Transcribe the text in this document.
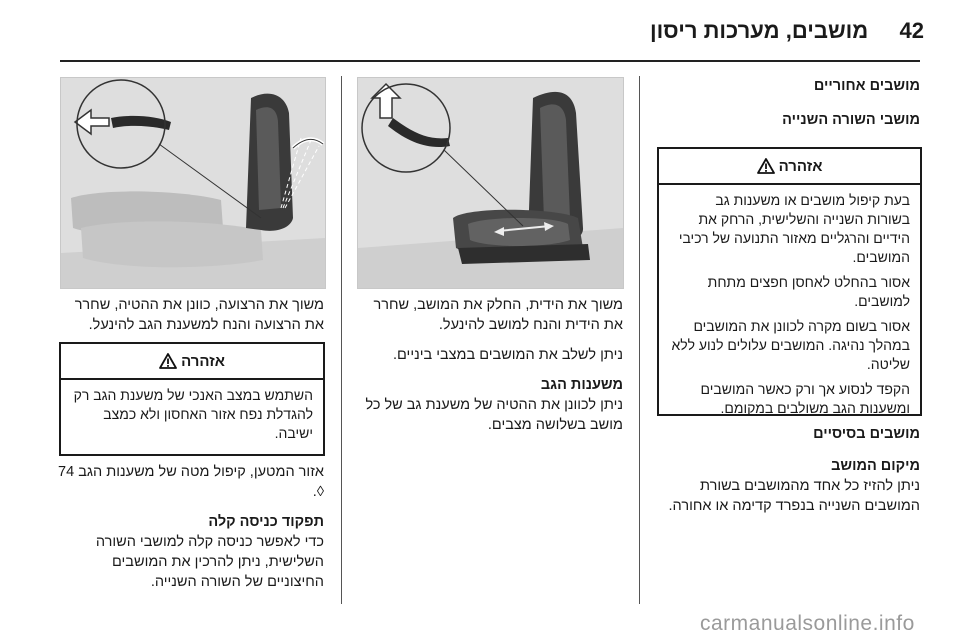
מושבים, מערכות ריסון 42

מושבים אחוריים

מושבי השורה השנייה

אזהרה

בעת קיפול מושבים או משענות גב בשורות השנייה והשלישית, הרחק את הידיים והרגליים מאזור התנועה של רכיבי המושבים.

אסור בהחלט לאחסן חפצים מתחת למושבים.

אסור בשום מקרה לכוונן את המושבים במהלך נהיגה. המושבים עלולים לנוע ללא שליטה.

הקפד לנסוע אך ורק כאשר המושבים ומשענות הגב משולבים במקומם.

מושבים בסיסיים

מיקום המושב

ניתן להזיז כל אחד מהמושבים בשורת המושבים השנייה בנפרד קדימה או אחורה.

משוך את הידית, החלק את המושב, שחרר את הידית והנח למושב להינעל.

ניתן לשלב את המושבים במצבי ביניים.

משענות הגב

ניתן לכוונן את ההטיה של משענת גב של כל מושב בשלושה מצבים.

משוך את הרצועה, כוונן את ההטיה, שחרר את הרצועה והנח למשענת הגב להינעל.

אזהרה

השתמש במצב האנכי של משענת הגב רק להגדלת נפח אזור האחסון ולא כמצב ישיבה.

אזור המטען, קיפול מטה של משענות הגב 74 ◊.

תפקוד כניסה קלה

כדי לאפשר כניסה קלה למושבי השורה השלישית, ניתן להרכין את המושבים החיצוניים של השורה השנייה.

carmanualsonline.info
